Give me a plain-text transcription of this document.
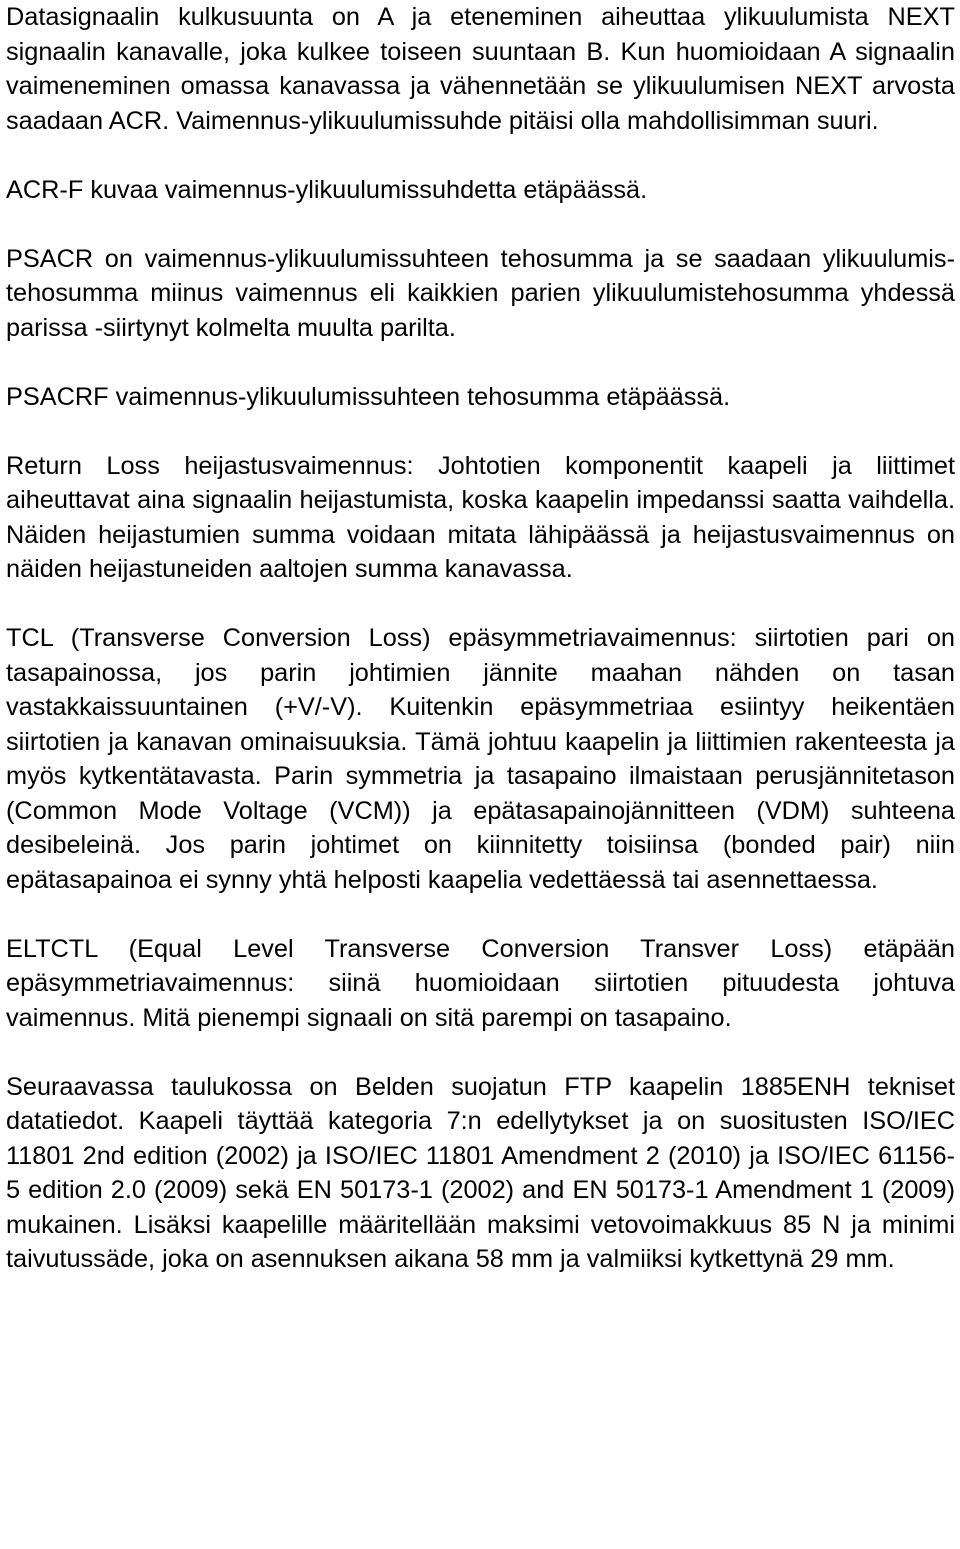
Datasignaalin kulkusuunta on A ja eteneminen aiheuttaa ylikuulumista NEXT signaalin kanavalle, joka kulkee toiseen suuntaan B. Kun huomioidaan A signaalin vaimeneminen omassa kanavassa ja vähennetään se ylikuulumisen NEXT arvosta saadaan ACR. Vaimennus-ylikuulumissuhde pitäisi olla mahdollisimman suuri.

ACR-F kuvaa vaimennus-ylikuulumissuhdetta etäpäässä.

PSACR on vaimennus-ylikuulumissuhteen tehosumma ja se saadaan ylikuulumis-tehosumma miinus vaimennus eli kaikkien parien ylikuulumistehosumma yhdessä parissa -siirtynyt kolmelta muulta parilta.

PSACRF vaimennus-ylikuulumissuhteen tehosumma etäpäässä.

Return Loss heijastusvaimennus: Johtotien komponentit kaapeli ja liittimet aiheuttavat aina signaalin heijastumista, koska kaapelin impedanssi saatta vaihdella. Näiden heijastumien summa voidaan mitata lähipäässä ja heijastusvaimennus on näiden heijastuneiden aaltojen summa kanavassa.

TCL (Transverse Conversion Loss) epäsymmetriavaimennus: siirtotien pari on tasapainossa, jos parin johtimien jännite maahan nähden on tasan vastakkaissuuntainen (+V/-V). Kuitenkin epäsymmetriaa esiintyy heikentäen siirtotien ja kanavan ominaisuuksia. Tämä johtuu kaapelin ja liittimien rakenteesta ja myös kytkentätavasta. Parin symmetria ja tasapaino ilmaistaan perusjännitetason (Common Mode Voltage (VCM)) ja epätasapainojännitteen (VDM) suhteena desibeleinä. Jos parin johtimet on kiinnitetty toisiinsa (bonded pair) niin epätasapainoa ei synny yhtä helposti kaapelia vedettäessä tai asennettaessa.

ELTCTL (Equal Level Transverse Conversion Transver Loss) etäpään epäsymmetriavaimennus: siinä huomioidaan siirtotien pituudesta johtuva vaimennus. Mitä pienempi signaali on sitä parempi on tasapaino.

Seuraavassa taulukossa on Belden suojatun FTP kaapelin 1885ENH tekniset datatiedot. Kaapeli täyttää kategoria 7:n edellytykset ja on suositusten ISO/IEC 11801 2nd edition (2002) ja ISO/IEC 11801 Amendment 2 (2010) ja ISO/IEC 61156-5 edition 2.0 (2009) sekä EN 50173-1 (2002) and EN 50173-1 Amendment 1 (2009) mukainen. Lisäksi kaapelille määritellään maksimi vetovoimakkuus 85 N ja minimi taivutussäde, joka on asennuksen aikana 58 mm ja valmiiksi kytkettynä 29 mm.
